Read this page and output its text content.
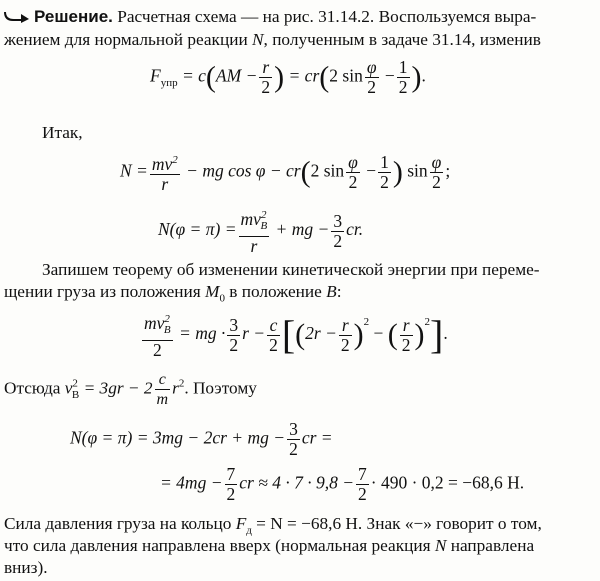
Решение. Расчетная схема — на рис. 31.14.2. Воспользуемся выра-
жением для нормальной реакции N, полученным в задаче 31.14, изменив
$F_{упр} = c(AM - \frac{r}{2}$ ) = cr(2 $\sin \frac{\varphi}{2} - \frac{1}{2}$ ).
Итак,
$N = \frac{mv^2}{r}$ − mg cos φ − cr(2 $\sin \frac{\varphi}{2} - \frac{1}{2}$ ) $\sin \frac{\varphi}{2}$ ;
$N(\varphi = \pi) = \frac{mv^2_B}{r}$ + mg − $\frac{3}{2}$ cr.
Запишем теорему об изменении кинетической энергии при переме-
щении груза из положения $M_0$ в положение B:
$\frac{mv^2_B}{2}$ = mg · $\frac{3}{2}$ $r - \frac{c}{2} [(2r - \frac{r}{2} )^2$ − ( $\frac{r}{2} )^2$].
Отсюда $v^2_B = 3gr - 2 \frac{c}{m} r^2$. Поэтому
N(φ = π) = 3mg − 2cr + mg − $\frac{3}{2}$ cr =
= $4mg - \frac{7}{2}$ cr ≈ $4 \cdot 7 \cdot 9,8 - \frac{7}{2} \cdot 490 \cdot 0,2 = -68,6$ Н.
Сила давления груза на кольцо $F_д = N = -68,6$ Н. Знак «−» говорит о том,
что сила давления направлена вверх (нормальная реакция N направлена
вниз).
